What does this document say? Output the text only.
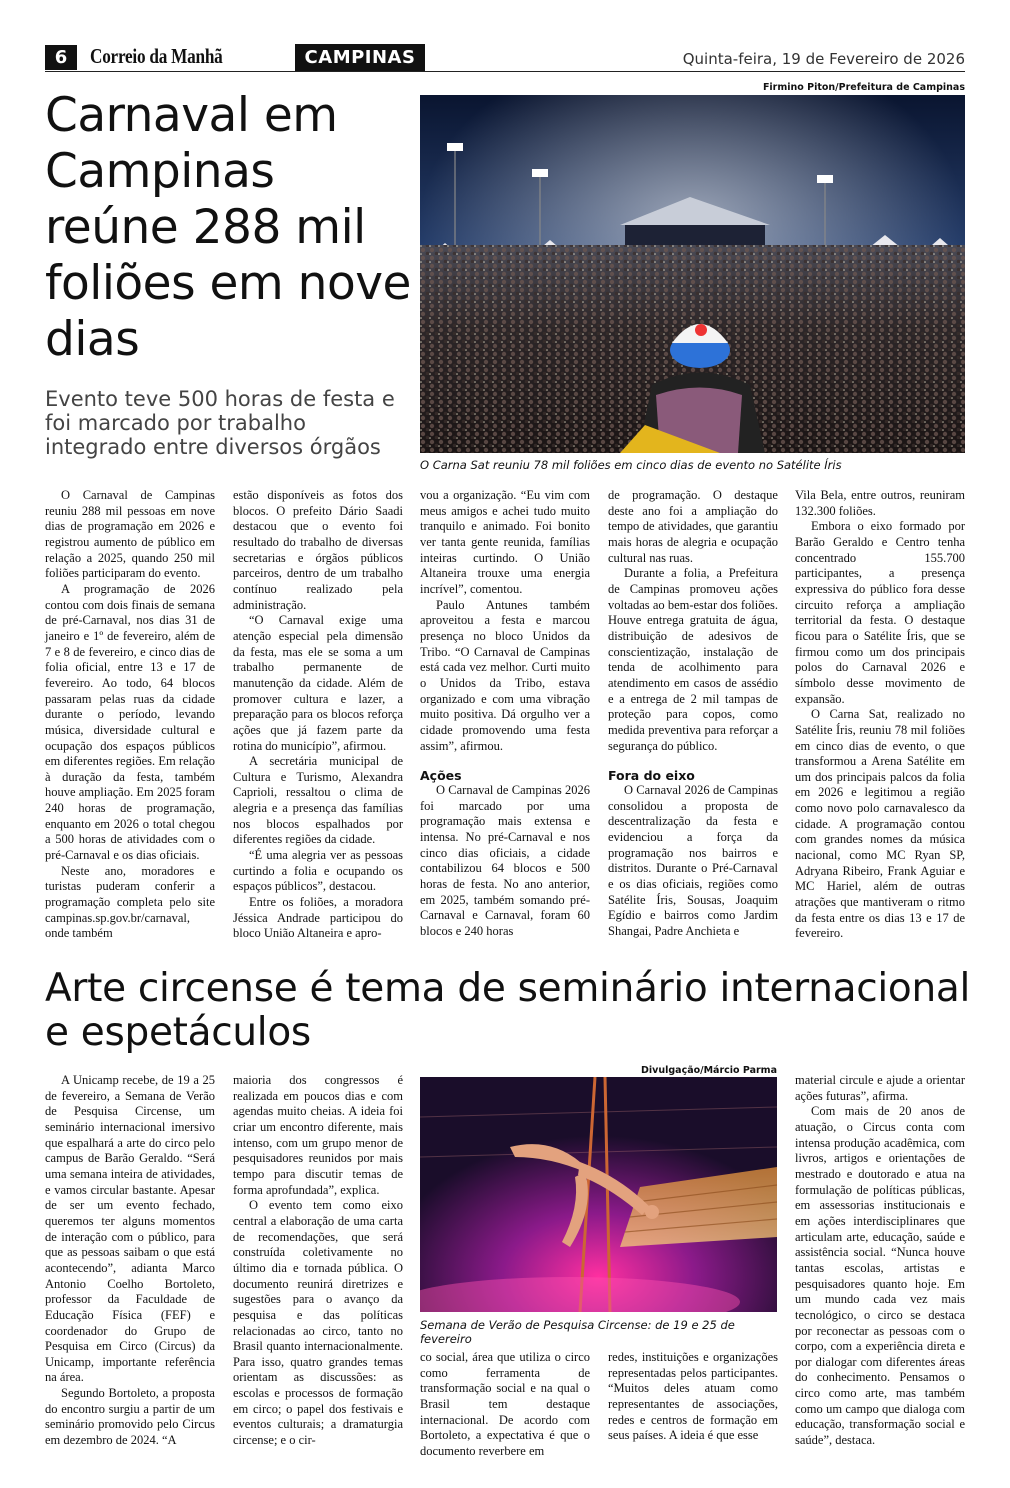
6	Correio da Manhã	CAMPINAS	Quinta-feira, 19 de Fevereiro de 2026
Carnaval em Campinas reúne 288 mil foliões em nove dias
Evento teve 500 horas de festa e foi marcado por trabalho integrado entre diversos órgãos
Firmino Piton/Prefeitura de Campinas
O Carna Sat reuniu 78 mil foliões em cinco dias de evento no Satélite Íris

O Carnaval de Campinas reuniu 288 mil pessoas em nove dias de programação em 2026 e registrou aumento de público em relação a 2025, quando 250 mil foliões participaram do evento.

A programação de 2026 contou com dois finais de semana de pré-Carnaval, nos dias 31 de janeiro e 1º de fevereiro, além de 7 e 8 de fevereiro, e cinco dias de folia oficial, entre 13 e 17 de fevereiro. Ao todo, 64 blocos passaram pelas ruas da cidade durante o período, levando música, diversidade cultural e ocupação dos espaços públicos em diferentes regiões. Em relação à duração da festa, também houve ampliação. Em 2025 foram 240 horas de programação, enquanto em 2026 o total chegou a 500 horas de atividades com o pré-Carnaval e os dias oficiais.

Neste ano, moradores e turistas puderam conferir a programação completa pelo site campinas.sp.gov.br/carnaval, onde também

estão disponíveis as fotos dos blocos. O prefeito Dário Saadi destacou que o evento foi resultado do trabalho de diversas secretarias e órgãos públicos parceiros, dentro de um trabalho contínuo realizado pela administração.

“O Carnaval exige uma atenção especial pela dimensão da festa, mas ele se soma a um trabalho permanente de manutenção da cidade. Além de promover cultura e lazer, a preparação para os blocos reforça ações que já fazem parte da rotina do município”, afirmou.

A secretária municipal de Cultura e Turismo, Alexandra Caprioli, ressaltou o clima de alegria e a presença das famílias nos blocos espalhados por diferentes regiões da cidade.

“É uma alegria ver as pessoas curtindo a folia e ocupando os espaços públicos”, destacou.

Entre os foliões, a moradora Jéssica Andrade participou do bloco União Altaneira e apro-

vou a organização. “Eu vim com meus amigos e achei tudo muito tranquilo e animado. Foi bonito ver tanta gente reunida, famílias inteiras curtindo. O União Altaneira trouxe uma energia incrível”, comentou.

Paulo Antunes também aproveitou a festa e marcou presença no bloco Unidos da Tribo. “O Carnaval de Campinas está cada vez melhor. Curti muito o Unidos da Tribo, estava organizado e com uma vibração muito positiva. Dá orgulho ver a cidade promovendo uma festa assim”, afirmou.

Ações

O Carnaval de Campinas 2026 foi marcado por uma programação mais extensa e intensa. No pré-Carnaval e nos cinco dias oficiais, a cidade contabilizou 64 blocos e 500 horas de festa. No ano anterior, em 2025, também somando pré-Carnaval e Carnaval, foram 60 blocos e 240 horas

de programação. O destaque deste ano foi a ampliação do tempo de atividades, que garantiu mais horas de alegria e ocupação cultural nas ruas.

Durante a folia, a Prefeitura de Campinas promoveu ações voltadas ao bem-estar dos foliões. Houve entrega gratuita de água, distribuição de adesivos de conscientização, instalação de tenda de acolhimento para atendimento em casos de assédio e a entrega de 2 mil tampas de proteção para copos, como medida preventiva para reforçar a segurança do público.

Fora do eixo

O Carnaval 2026 de Campinas consolidou a proposta de descentralização da festa e evidenciou a força da programação nos bairros e distritos. Durante o Pré-Carnaval e os dias oficiais, regiões como Satélite Íris, Sousas, Joaquim Egídio e bairros como Jardim Shangai, Padre Anchieta e

Vila Bela, entre outros, reuniram 132.300 foliões.

Embora o eixo formado por Barão Geraldo e Centro tenha concentrado 155.700 participantes, a presença expressiva do público fora desse circuito reforça a ampliação territorial da festa. O destaque ficou para o Satélite Íris, que se firmou como um dos principais polos do Carnaval 2026 e símbolo desse movimento de expansão.

O Carna Sat, realizado no Satélite Íris, reuniu 78 mil foliões em cinco dias de evento, o que transformou a Arena Satélite em um dos principais palcos da folia em 2026 e legitimou a região como novo polo carnavalesco da cidade. A programação contou com grandes nomes da música nacional, como MC Ryan SP, Adryana Ribeiro, Frank Aguiar e MC Hariel, além de outras atrações que mantiveram o ritmo da festa entre os dias 13 e 17 de fevereiro.

Arte circense é tema de seminário internacional e espetáculos
Divulgação/Márcio Parma
Semana de Verão de Pesquisa Circense: de 19 e 25 de fevereiro

A Unicamp recebe, de 19 a 25 de fevereiro, a Semana de Verão de Pesquisa Circense, um seminário internacional imersivo que espalhará a arte do circo pelo campus de Barão Geraldo. “Será uma semana inteira de atividades, e vamos circular bastante. Apesar de ser um evento fechado, queremos ter alguns momentos de interação com o público, para que as pessoas saibam o que está acontecendo”, adianta Marco Antonio Coelho Bortoleto, professor da Faculdade de Educação Física (FEF) e coordenador do Grupo de Pesquisa em Circo (Circus) da Unicamp, importante referência na área.

Segundo Bortoleto, a proposta do encontro surgiu a partir de um seminário promovido pelo Circus em dezembro de 2024. “A

maioria dos congressos é realizada em poucos dias e com agendas muito cheias. A ideia foi criar um encontro diferente, mais intenso, com um grupo menor de pesquisadores reunidos por mais tempo para discutir temas de forma aprofundada”, explica.

O evento tem como eixo central a elaboração de uma carta de recomendações, que será construída coletivamente no último dia e tornada pública. O documento reunirá diretrizes e sugestões para o avanço da pesquisa e das políticas relacionadas ao circo, tanto no Brasil quanto internacionalmente. Para isso, quatro grandes temas orientam as discussões: as escolas e processos de formação em circo; o papel dos festivais e eventos culturais; a dramaturgia circense; e o cir-

co social, área que utiliza o circo como ferramenta de transformação social e na qual o Brasil tem destaque internacional. De acordo com Bortoleto, a expectativa é que o documento reverbere em

redes, instituições e organizações representadas pelos participantes. “Muitos deles atuam como representantes de associações, redes e centros de formação em seus países. A ideia é que esse

material circule e ajude a orientar ações futuras”, afirma.

Com mais de 20 anos de atuação, o Circus conta com intensa produção acadêmica, com livros, artigos e orientações de mestrado e doutorado e atua na formulação de políticas públicas, em assessorias institucionais e em ações interdisciplinares que articulam arte, educação, saúde e assistência social. “Nunca houve tantas escolas, artistas e pesquisadores quanto hoje. Em um mundo cada vez mais tecnológico, o circo se destaca por reconectar as pessoas com o corpo, com a experiência direta e por dialogar com diferentes áreas do conhecimento. Pensamos o circo como arte, mas também como um campo que dialoga com educação, transformação social e saúde”, destaca.
